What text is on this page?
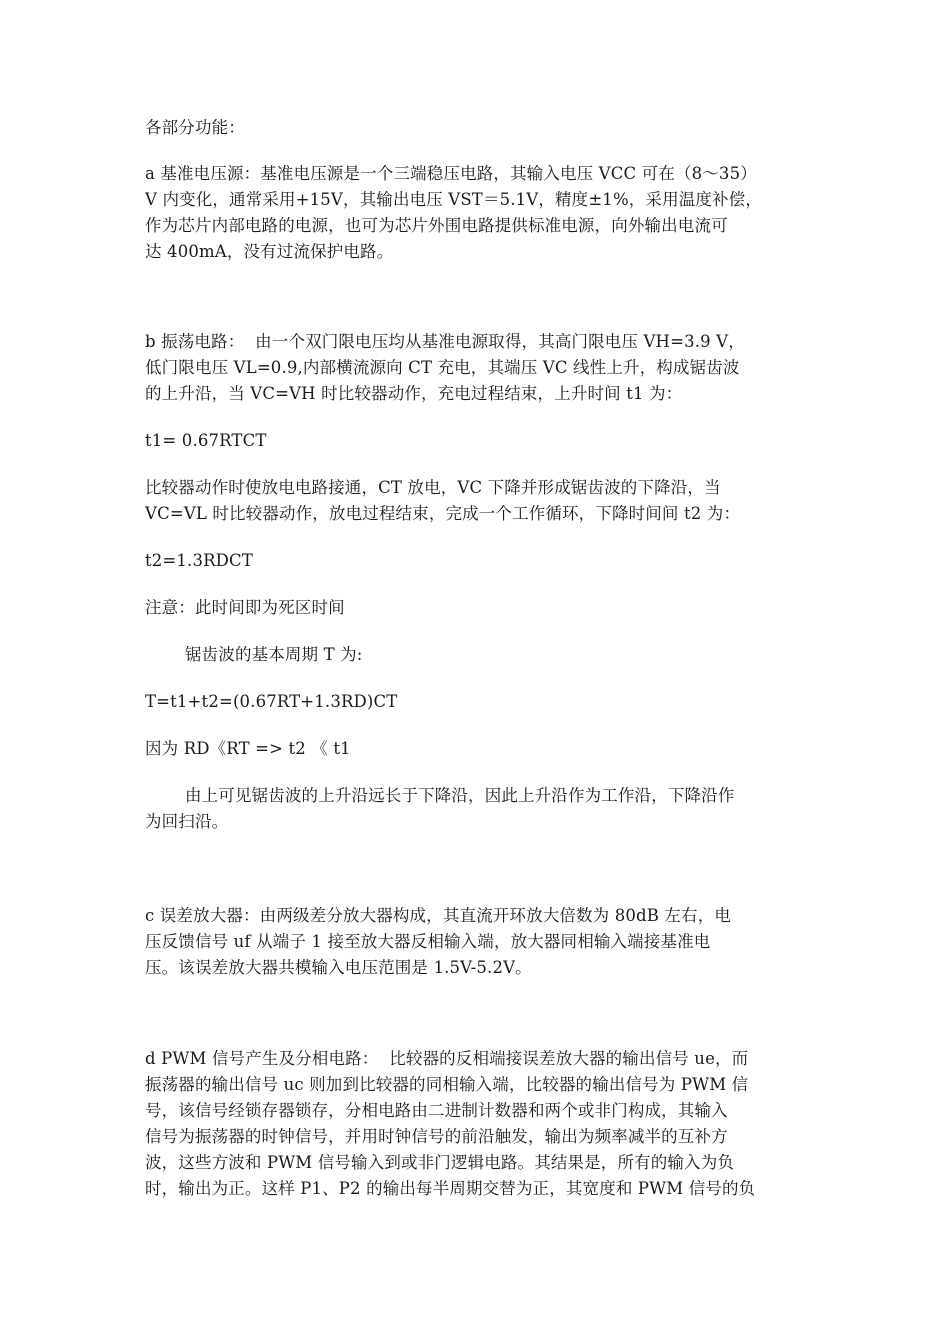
各部分功能：
a 基准电压源：基准电压源是一个三端稳压电路，其输入电压 VCC 可在（8～35）
V 内变化，通常采用+15V，其输出电压 VST＝5.1V，精度±1%，采用温度补偿，
作为芯片内部电路的电源，也可为芯片外围电路提供标准电源，向外输出电流可
达 400mA，没有过流保护电路。
b 振荡电路：  由一个双门限电压均从基准电源取得，其高门限电压 VH=3.9 V，
低门限电压 VL=0.9,内部横流源向 CT 充电，其端压 VC 线性上升，构成锯齿波
的上升沿，当 VC=VH 时比较器动作，充电过程结束，上升时间 t1 为：
t1= 0.67RTCT
比较器动作时使放电电路接通，CT 放电，VC 下降并形成锯齿波的下降沿，当
VC=VL 时比较器动作，放电过程结束，完成一个工作循环，下降时间间 t2 为：
t2=1.3RDCT
注意：此时间即为死区时间
锯齿波的基本周期 T 为:
T=t1+t2=(0.67RT+1.3RD)CT
因为 RD《RT => t2 《 t1
由上可见锯齿波的上升沿远长于下降沿，因此上升沿作为工作沿，下降沿作
为回扫沿。
c 误差放大器：由两级差分放大器构成，其直流开环放大倍数为 80dB 左右，电
压反馈信号 uf 从端子 1 接至放大器反相输入端，放大器同相输入端接基准电
压。该误差放大器共模输入电压范围是 1.5V-5.2V。
d PWM 信号产生及分相电路：  比较器的反相端接误差放大器的输出信号 ue，而
振荡器的输出信号 uc 则加到比较器的同相输入端，比较器的输出信号为 PWM 信
号，该信号经锁存器锁存，分相电路由二进制计数器和两个或非门构成，其输入
信号为振荡器的时钟信号，并用时钟信号的前沿触发，输出为频率减半的互补方
波，这些方波和 PWM 信号输入到或非门逻辑电路。其结果是，所有的输入为负
时，输出为正。这样 P1、P2 的输出每半周期交替为正，其宽度和 PWM 信号的负
